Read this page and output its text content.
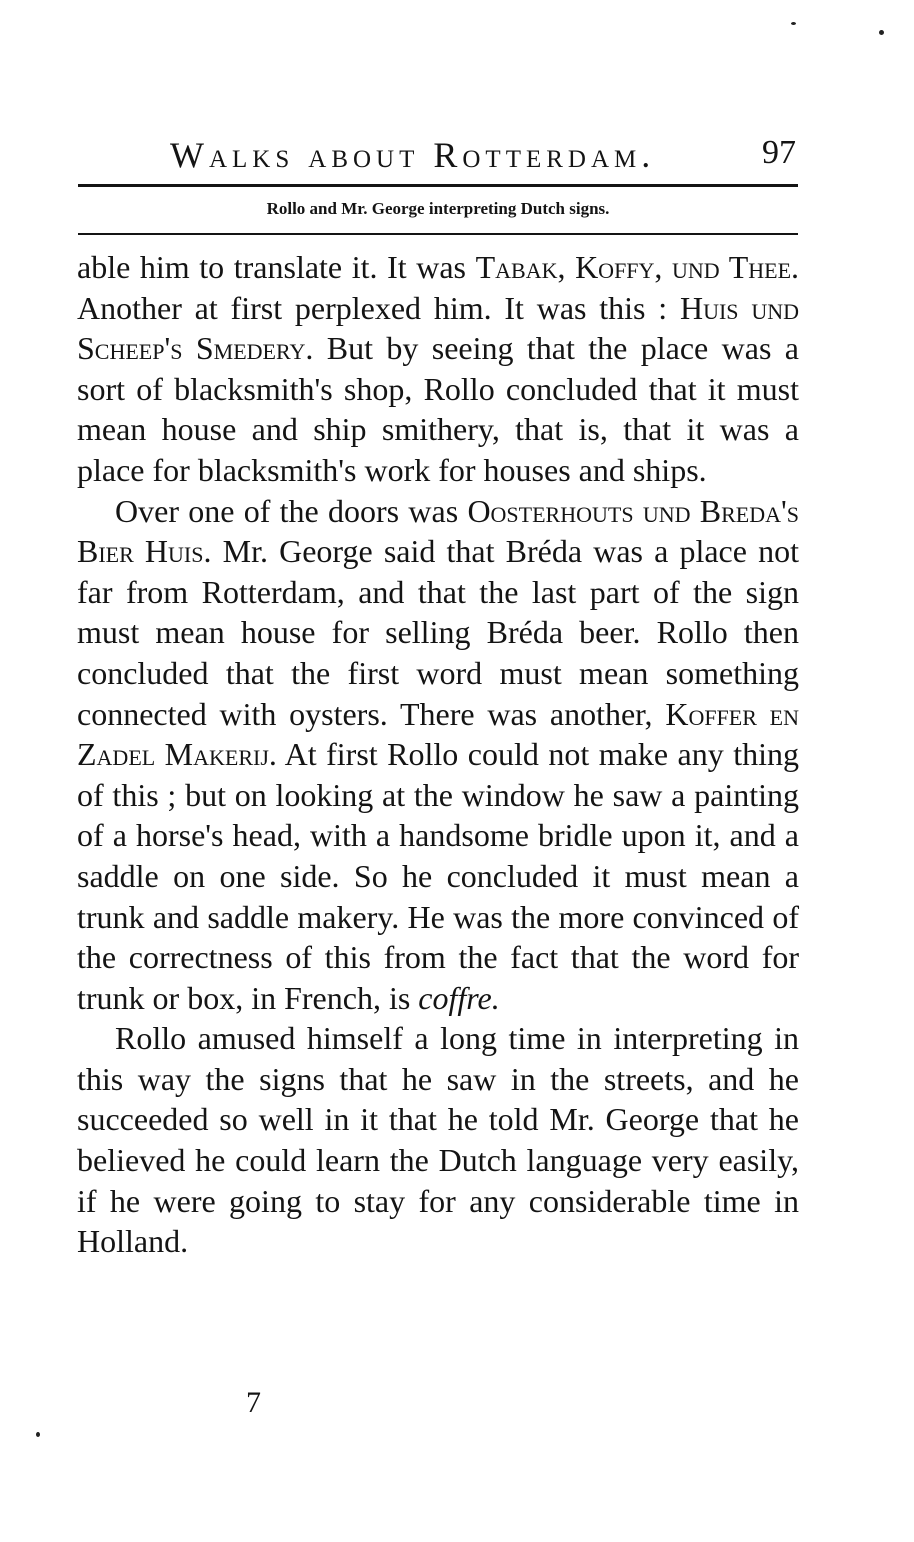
Walks about Rotterdam.	97
Rollo and Mr. George interpreting Dutch signs.

able him to translate it. It was Tabak, Koffy, und Thee. Another at first perplexed him. It was this : Huis und Scheep's Smedery. But by seeing that the place was a sort of blacksmith's shop, Rollo concluded that it must mean house and ship smithery, that is, that it was a place for blacksmith's work for houses and ships.

Over one of the doors was Oosterhouts und Breda's Bier Huis. Mr. George said that Bréda was a place not far from Rotterdam, and that the last part of the sign must mean house for selling Bréda beer. Rollo then concluded that the first word must mean something connected with oysters. There was another, Koffer en Zadel Makerij. At first Rollo could not make any thing of this ; but on looking at the window he saw a painting of a horse's head, with a handsome bridle upon it, and a saddle on one side. So he concluded it must mean a trunk and saddle makery. He was the more convinced of the correctness of this from the fact that the word for trunk or box, in French, is coffre.

Rollo amused himself a long time in interpreting in this way the signs that he saw in the streets, and he succeeded so well in it that he told Mr. George that he believed he could learn the Dutch language very easily, if he were going to stay for any considerable time in Holland.

7
